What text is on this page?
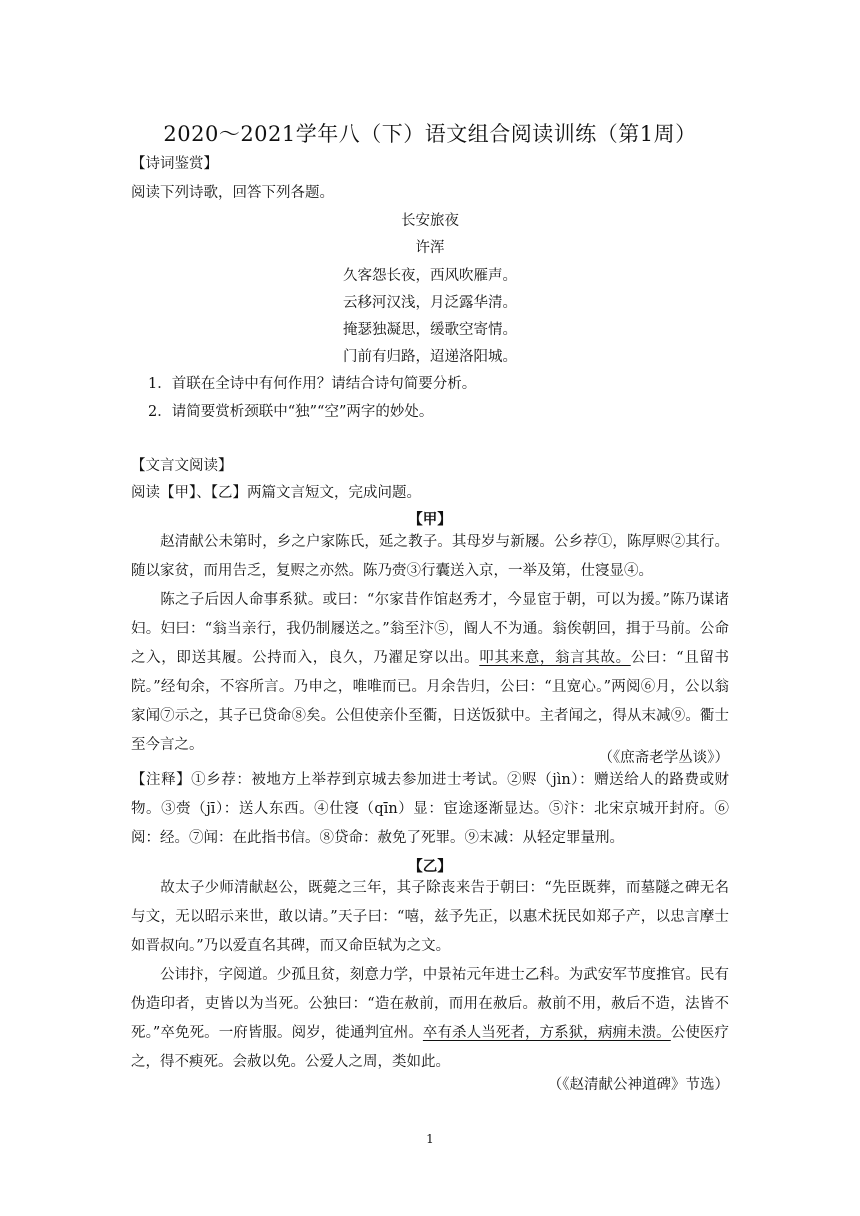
2020～2021学年八（下）语文组合阅读训练（第1周）
【诗词鉴赏】
阅读下列诗歌，回答下列各题。
长安旅夜
许浑
久客怨长夜，西风吹雁声。
云移河汉浅，月泛露华清。
掩瑟独凝思，缓歌空寄情。
门前有归路，迢递洛阳城。
1．首联在全诗中有何作用？请结合诗句简要分析。
2．请简要赏析颈联中“独”“空”两字的妙处。
【文言文阅读】
阅读【甲】、【乙】两篇文言短文，完成问题。
【甲】
赵清献公未第时，乡之户家陈氏，延之教子。其母岁与新屦。公乡荐①，陈厚赆②其行。随以家贫，而用告乏，复赆之亦然。陈乃赍③行囊送入京，一举及第，仕寖显④。
陈之子后因人命事系狱。或曰：“尔家昔作馆赵秀才，今显宦于朝，可以为援。”陈乃谋诸妇。妇曰：“翁当亲行，我仍制屦送之。”翁至汴⑤，阍人不为通。翁俟朝回，揖于马前。公命之入，即送其履。公持而入，良久，乃濯足穿以出。叩其来意，翁言其故。公曰：“且留书院。”经旬余，不容所言。乃申之，唯唯而已。月余告归，公曰：“且宽心。”两阅⑥月，公以翁家闻⑦示之，其子已贷命⑧矣。公但使亲仆至衢，日送饭狱中。主者闻之，得从末减⑨。衢士至今言之。
（《庶斋老学丛谈》）
【注释】①乡荐：被地方上举荐到京城去参加进士考试。②赆（jìn）：赠送给人的路费或财物。③赍（jī）：送人东西。④仕寖（qīn）显：宦途逐渐显达。⑤汴：北宋京城开封府。⑥阅：经。⑦闻：在此指书信。⑧贷命：赦免了死罪。⑨末减：从轻定罪量刑。
【乙】
故太子少师清献赵公，既薨之三年，其子除丧来告于朝曰：“先臣既葬，而墓隧之碑无名与文，无以昭示来世，敢以请。”天子曰：“嘻，兹予先正，以惠术抚民如郑子产，以忠言摩士如晋叔向。”乃以爱直名其碑，而又命臣轼为之文。
公讳抃，字阅道。少孤且贫，刻意力学，中景祐元年进士乙科。为武安军节度推官。民有伪造印者，吏皆以为当死。公独曰：“造在赦前，而用在赦后。赦前不用，赦后不造，法皆不死。”卒免死。一府皆服。阅岁，徙通判宜州。卒有杀人当死者，方系狱，病痈未溃。公使医疗之，得不瘐死。会赦以免。公爱人之周，类如此。
（《赵清献公神道碑》节选）
1
